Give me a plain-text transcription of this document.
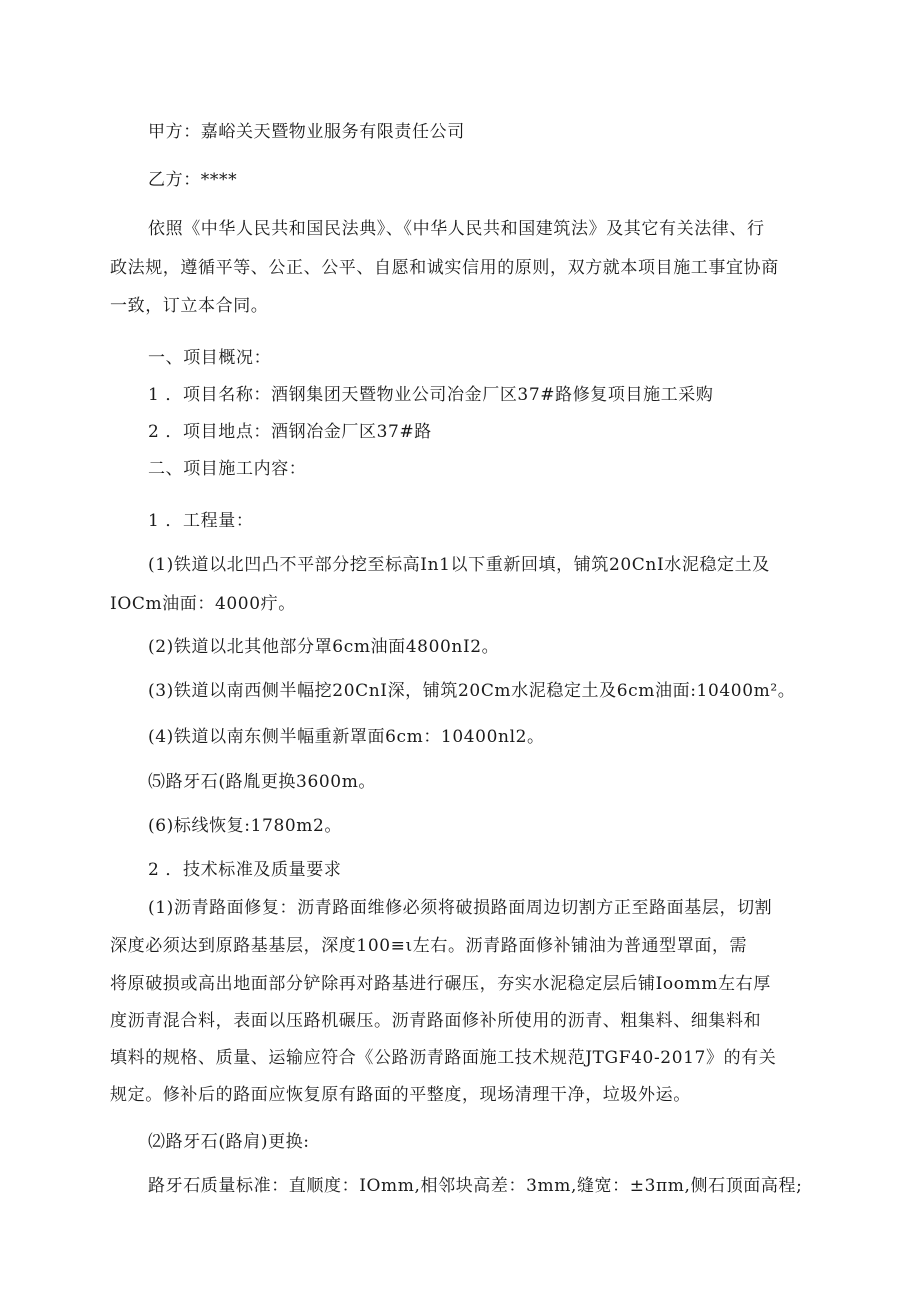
甲方：嘉峪关天暨物业服务有限责任公司
乙方：****
依照《中华人民共和国民法典》、《中华人民共和国建筑法》及其它有关法律、行
政法规，遵循平等、公正、公平、自愿和诚实信用的原则，双方就本项目施工事宜协商
一致，订立本合同。
一、项目概况：
1 ．项目名称：酒钢集团天暨物业公司冶金厂区37#路修复项目施工采购
2 ．项目地点：酒钢冶金厂区37#路
二、项目施工内容：
1 ．工程量：
(1)铁道以北凹凸不平部分挖至标高In1以下重新回填，铺筑20CnI水泥稳定土及
IOCm油面：4000疔。
(2)铁道以北其他部分罩6cm油面4800nI2。
(3)铁道以南西侧半幅挖20CnI深，铺筑20Cm水泥稳定土及6cm油面:10400m²。
(4)铁道以南东侧半幅重新罩面6cm：10400nl2。
⑸路牙石(路胤更换3600m。
(6)标线恢复:1780m2。
2 ．技术标准及质量要求
(1)沥青路面修复：沥青路面维修必须将破损路面周边切割方正至路面基层，切割
深度必须达到原路基基层，深度100≡ι左右。沥青路面修补铺油为普通型罩面，需
将原破损或高出地面部分铲除再对路基进行碾压，夯实水泥稳定层后铺Ioomm左右厚
度沥青混合料，表面以压路机碾压。沥青路面修补所使用的沥青、粗集料、细集料和
填料的规格、质量、运输应符合《公路沥青路面施工技术规范JTGF40-2017》的有关
规定。修补后的路面应恢复原有路面的平整度，现场清理干净，垃圾外运。
⑵路牙石(路肩)更换:
路牙石质量标准：直顺度：IOmm,相邻块高差：3mm,缝宽：±3πm,侧石顶面高程;
